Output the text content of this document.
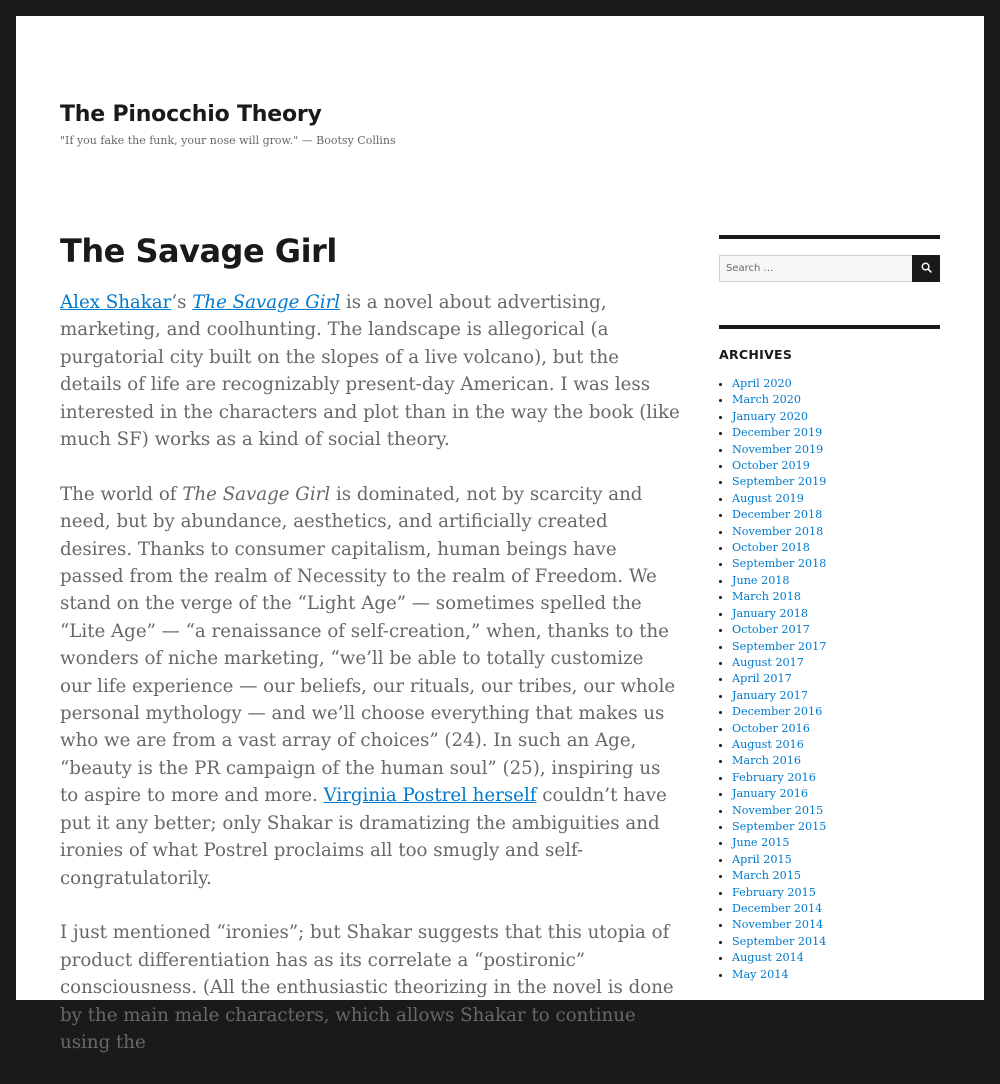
The Pinocchio Theory

"If you fake the funk, your nose will grow." — Bootsy Collins

The Savage Girl

Alex Shakar‘s The Savage Girl is a novel about advertising, marketing, and coolhunting. The landscape is allegorical (a purgatorial city built on the slopes of a live volcano), but the details of life are recognizably present-day American. I was less interested in the characters and plot than in the way the book (like much SF) works as a kind of social theory.

The world of The Savage Girl is dominated, not by scarcity and need, but by abundance, aesthetics, and artificially created desires. Thanks to consumer capitalism, human beings have passed from the realm of Necessity to the realm of Freedom. We stand on the verge of the “Light Age” — sometimes spelled the “Lite Age” — “a renaissance of self-creation,” when, thanks to the wonders of niche marketing, “we’ll be able to totally customize our life experience — our beliefs, our rituals, our tribes, our whole personal mythology — and we’ll choose everything that makes us who we are from a vast array of choices” (24). In such an Age, “beauty is the PR campaign of the human soul” (25), inspiring us to aspire to more and more. Virginia Postrel herself couldn’t have put it any better; only Shakar is dramatizing the ambiguities and ironies of what Postrel proclaims all too smugly and self-congratulatorily.

I just mentioned “ironies”; but Shakar suggests that this utopia of product differentiation has as its correlate a “postironic” consciousness. (All the enthusiastic theorizing in the novel is done by the main male characters, which allows Shakar to continue using the

Search …
ARCHIVES
• April 2020
• March 2020
• January 2020
• December 2019
• November 2019
• October 2019
• September 2019
• August 2019
• December 2018
• November 2018
• October 2018
• September 2018
• June 2018
• March 2018
• January 2018
• October 2017
• September 2017
• August 2017
• April 2017
• January 2017
• December 2016
• October 2016
• August 2016
• March 2016
• February 2016
• January 2016
• November 2015
• September 2015
• June 2015
• April 2015
• March 2015
• February 2015
• December 2014
• November 2014
• September 2014
• August 2014
• May 2014
